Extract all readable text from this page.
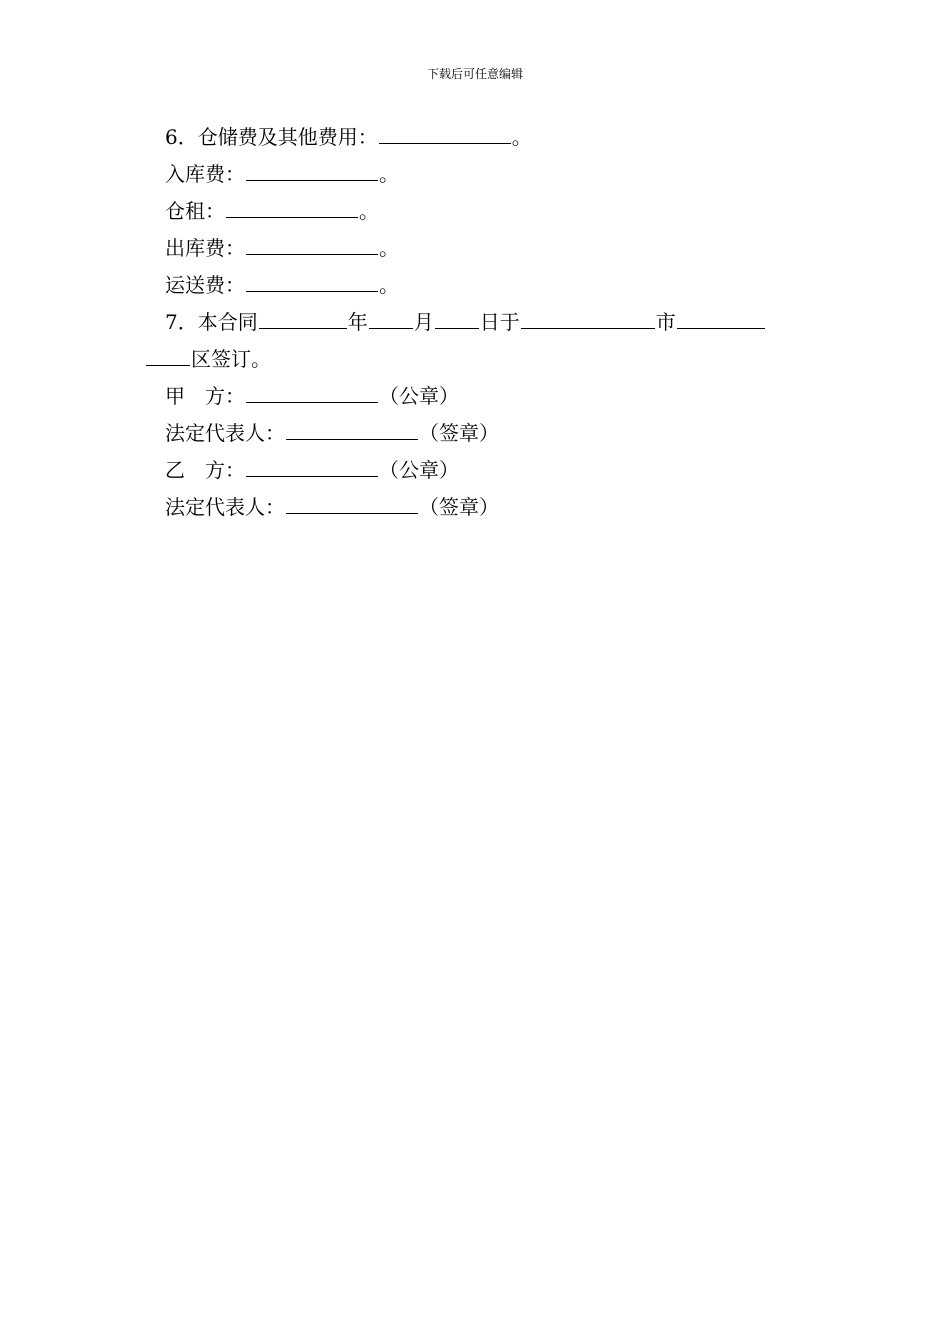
下载后可任意编辑
6．仓储费及其他费用：	。
入库费：	。
仓租：	。
出库费：	。
运送费：	。
7．本合同	年 月 日于	市
区签订。
甲　方：	（公章）
法定代表人：	（签章）
乙　方：	（公章）
法定代表人：	（签章）
